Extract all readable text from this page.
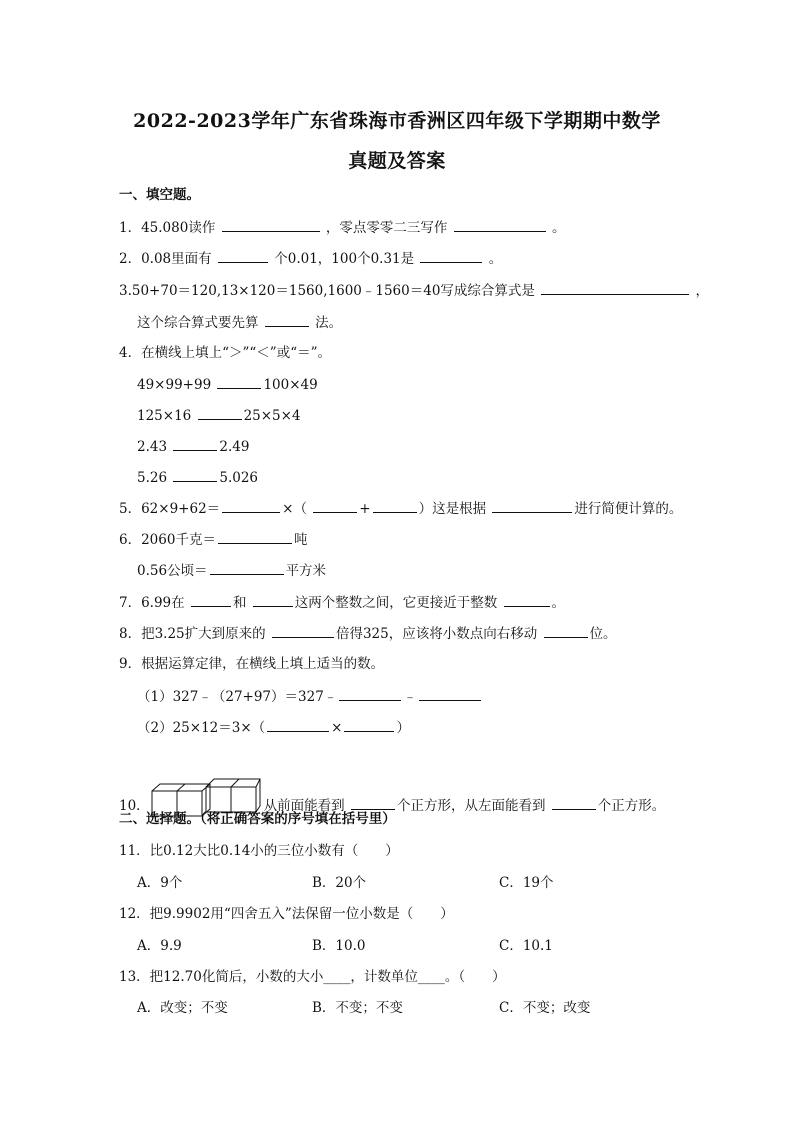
2022-2023学年广东省珠海市香洲区四年级下学期期中数学
真题及答案
一、填空题。
1．45.080读作	，零点零零二三写作	。
2．0.08里面有	个0.01，100个0.31是	。
3.50+70＝120,13×120＝1560,1600﹣1560＝40写成综合算式是	，
这个综合算式要先算	法。
4．在横线上填上“＞”“＜”或“＝”。
49×99+99	100×49
125×16	25×5×4
2.43	2.49
5.26	5.026
5．62×9+62＝	×（	+	）这是根据	进行简便计算的。
6．2060千克＝	吨
0.56公顷＝	平方米
7．6.99在	和	这两个整数之间，它更接近于整数	。
8．把3.25扩大到原来的	倍得325，应该将小数点向右移动	位。
9．根据运算定律，在横线上填上适当的数。
（1）327﹣（27+97）＝327﹣	﹣
（2）25×12＝3×（	×	）
10．	从前面能看到	个正方形，从左面能看到	个正方形。
二、选择题。（将正确答案的序号填在括号里）
11．比0.12大比0.14小的三位小数有（　　）
A．9个	B．20个	C．19个
12．把9.9902用“四舍五入”法保留一位小数是（　　）
A．9.9	B．10.0	C．10.1
13．把12.70化简后，小数的大小____，计数单位____。（　　）
A．改变；不变	B．不变；不变	C．不变；改变
